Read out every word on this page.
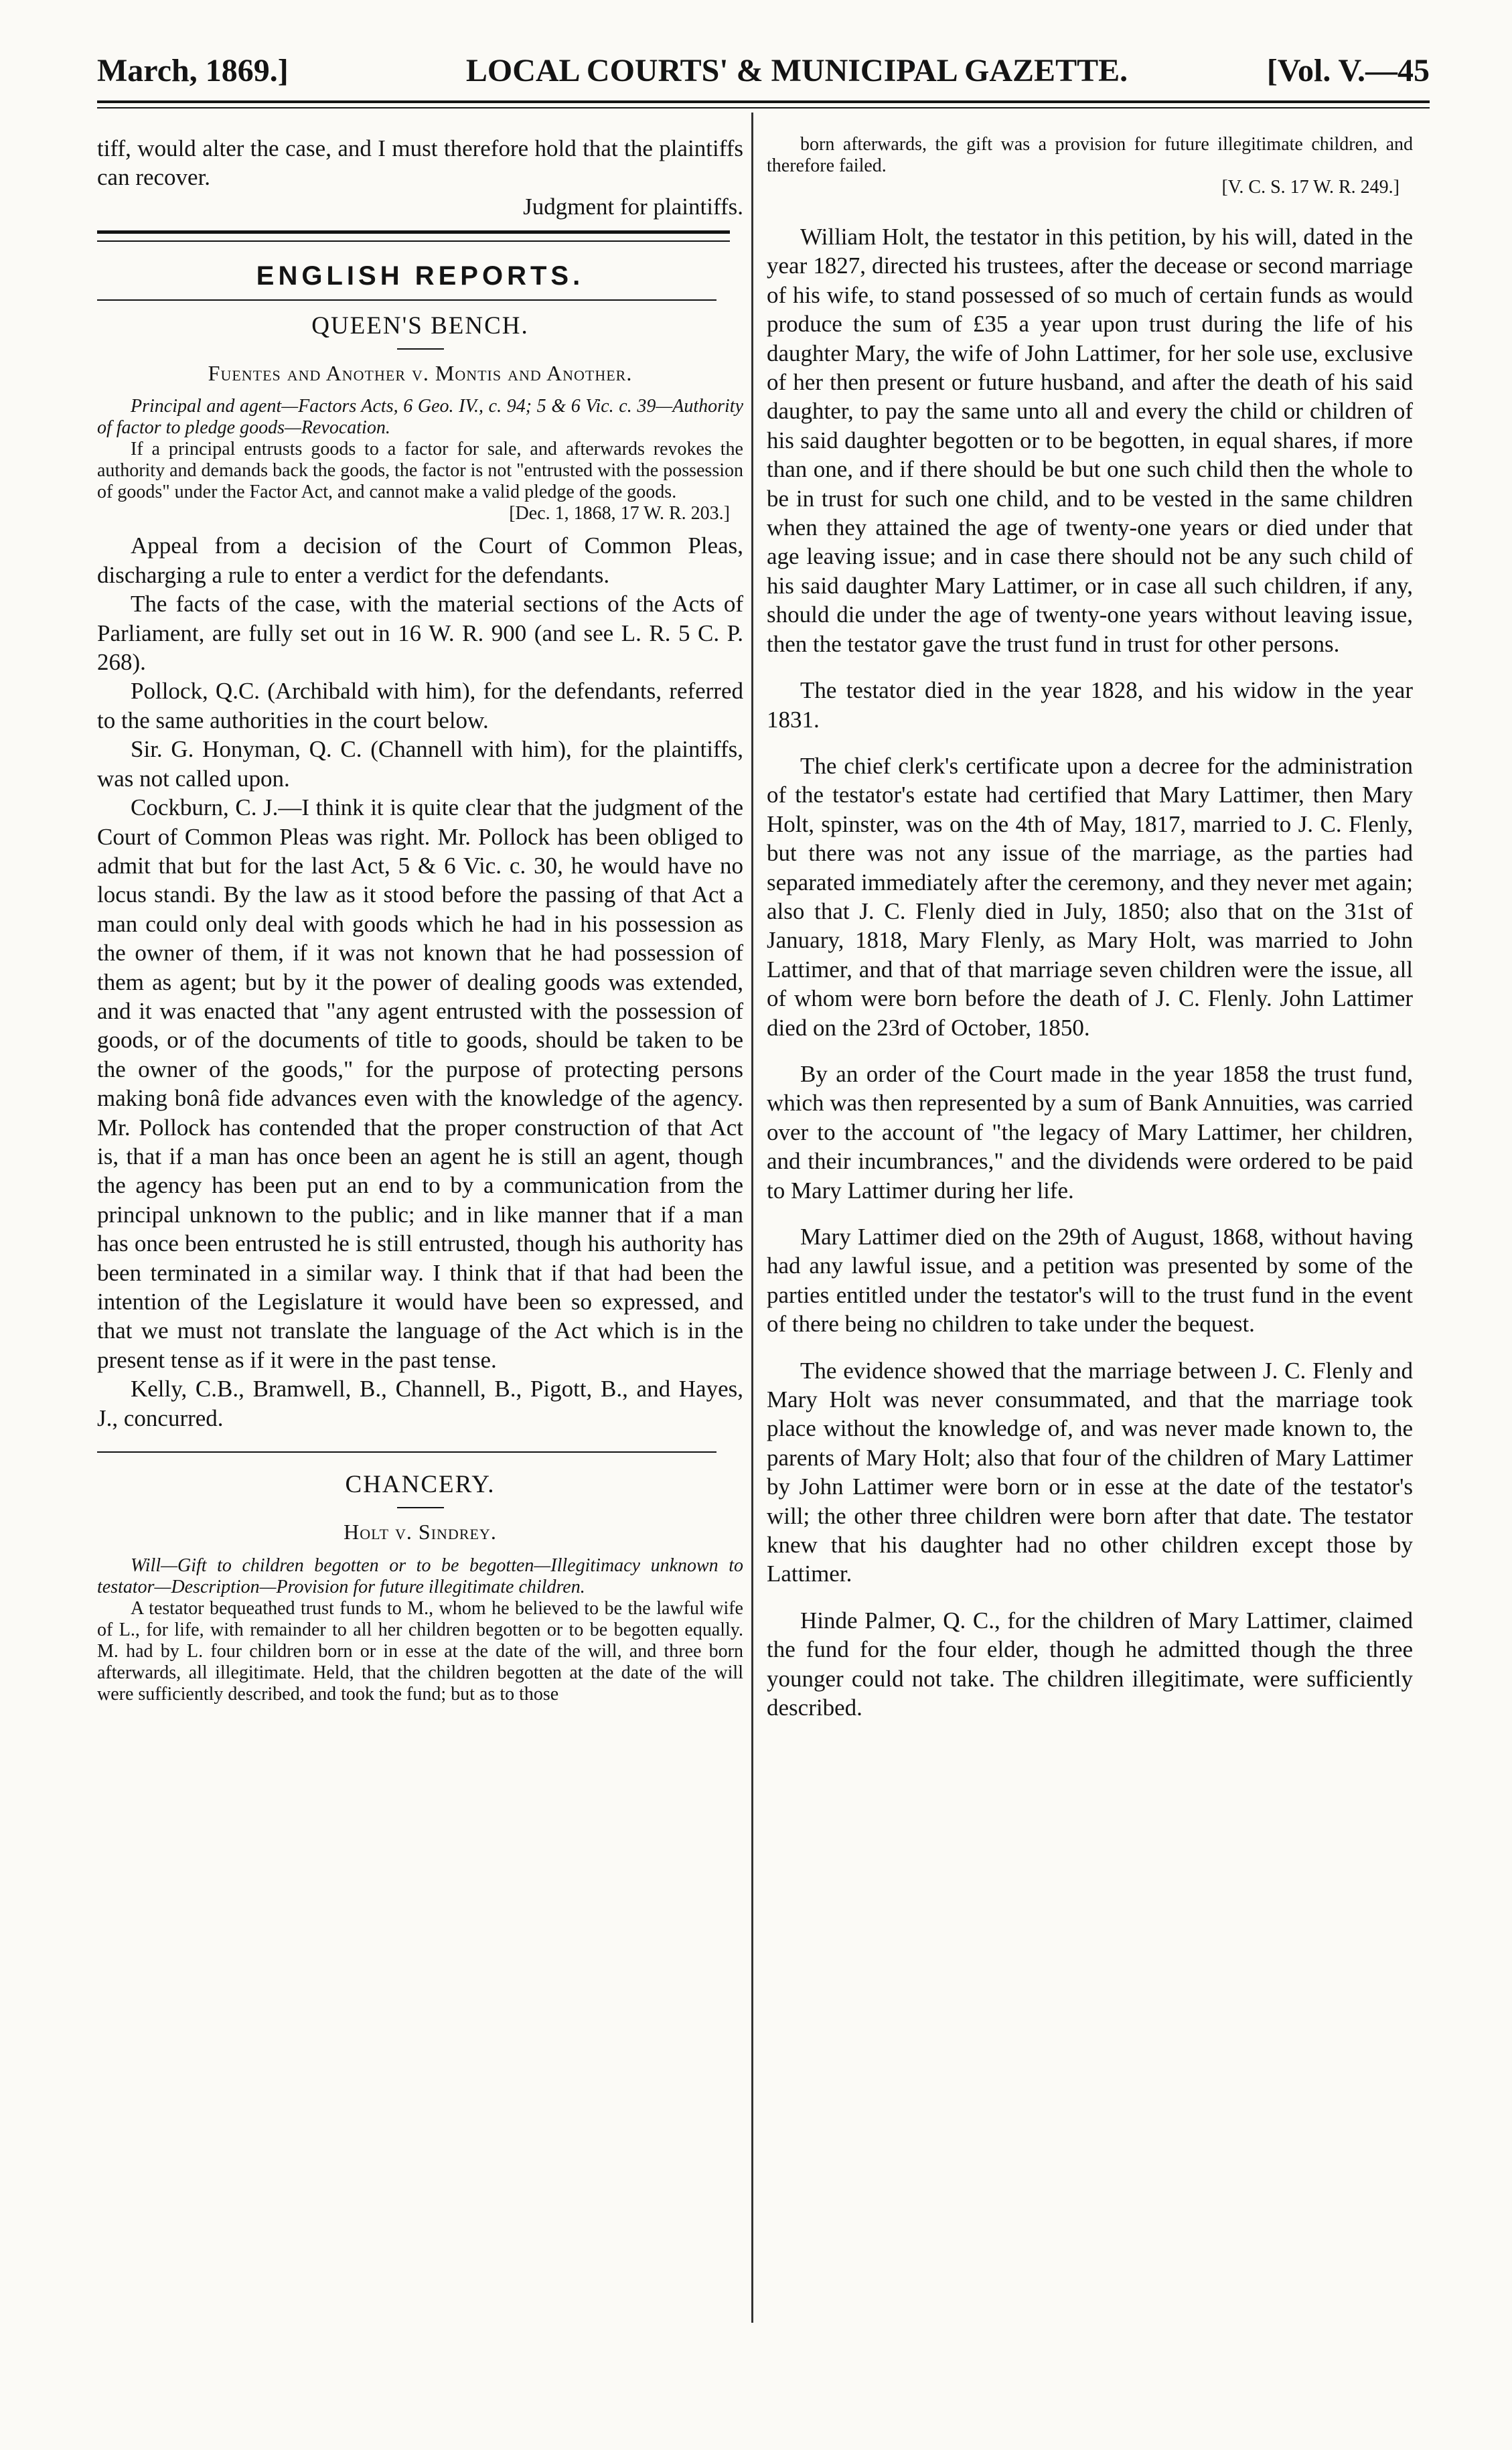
March, 1869.]	LOCAL COURTS' & MUNICIPAL GAZETTE.	[Vol. V.—45

tiff, would alter the case, and I must therefore hold that the plaintiffs can recover.

Judgment for plaintiffs.

ENGLISH REPORTS.
QUEEN'S BENCH.
Fuentes and Another v. Montis and Another.

Principal and agent—Factors Acts, 6 Geo. IV., c. 94; 5 & 6 Vic. c. 39—Authority of factor to pledge goods—Revocation.

If a principal entrusts goods to a factor for sale, and afterwards revokes the authority and demands back the goods, the factor is not "entrusted with the possession of goods" under the Factor Act, and cannot make a valid pledge of the goods.

[Dec. 1, 1868, 17 W. R. 203.]

Appeal from a decision of the Court of Common Pleas, discharging a rule to enter a verdict for the defendants.

The facts of the case, with the material sections of the Acts of Parliament, are fully set out in 16 W. R. 900 (and see L. R. 5 C. P. 268).

Pollock, Q.C. (Archibald with him), for the defendants, referred to the same authorities in the court below.

Sir. G. Honyman, Q. C. (Channell with him), for the plaintiffs, was not called upon.

Cockburn, C. J.—I think it is quite clear that the judgment of the Court of Common Pleas was right. Mr. Pollock has been obliged to admit that but for the last Act, 5 & 6 Vic. c. 30, he would have no locus standi. By the law as it stood before the passing of that Act a man could only deal with goods which he had in his possession as the owner of them, if it was not known that he had possession of them as agent; but by it the power of dealing goods was extended, and it was enacted that "any agent entrusted with the possession of goods, or of the documents of title to goods, should be taken to be the owner of the goods," for the purpose of protecting persons making bonâ fide advances even with the knowledge of the agency. Mr. Pollock has contended that the proper construction of that Act is, that if a man has once been an agent he is still an agent, though the agency has been put an end to by a communication from the principal unknown to the public; and in like manner that if a man has once been entrusted he is still entrusted, though his authority has been terminated in a similar way. I think that if that had been the intention of the Legislature it would have been so expressed, and that we must not translate the language of the Act which is in the present tense as if it were in the past tense.

Kelly, C.B., Bramwell, B., Channell, B., Pigott, B., and Hayes, J., concurred.

CHANCERY.
Holt v. Sindrey.

Will—Gift to children begotten or to be begotten—Illegitimacy unknown to testator—Description—Provision for future illegitimate children.

A testator bequeathed trust funds to M., whom he believed to be the lawful wife of L., for life, with remainder to all her children begotten or to be begotten equally. M. had by L. four children born or in esse at the date of the will, and three born afterwards, all illegitimate. Held, that the children begotten at the date of the will were sufficiently described, and took the fund; but as to those

born afterwards, the gift was a provision for future illegitimate children, and therefore failed.

[V. C. S. 17 W. R. 249.]

William Holt, the testator in this petition, by his will, dated in the year 1827, directed his trustees, after the decease or second marriage of his wife, to stand possessed of so much of certain funds as would produce the sum of £35 a year upon trust during the life of his daughter Mary, the wife of John Lattimer, for her sole use, exclusive of her then present or future husband, and after the death of his said daughter, to pay the same unto all and every the child or children of his said daughter begotten or to be begotten, in equal shares, if more than one, and if there should be but one such child then the whole to be in trust for such one child, and to be vested in the same children when they attained the age of twenty-one years or died under that age leaving issue; and in case there should not be any such child of his said daughter Mary Lattimer, or in case all such children, if any, should die under the age of twenty-one years without leaving issue, then the testator gave the trust fund in trust for other persons.

The testator died in the year 1828, and his widow in the year 1831.

The chief clerk's certificate upon a decree for the administration of the testator's estate had certified that Mary Lattimer, then Mary Holt, spinster, was on the 4th of May, 1817, married to J. C. Flenly, but there was not any issue of the marriage, as the parties had separated immediately after the ceremony, and they never met again; also that J. C. Flenly died in July, 1850; also that on the 31st of January, 1818, Mary Flenly, as Mary Holt, was married to John Lattimer, and that of that marriage seven children were the issue, all of whom were born before the death of J. C. Flenly. John Lattimer died on the 23rd of October, 1850.

By an order of the Court made in the year 1858 the trust fund, which was then represented by a sum of Bank Annuities, was carried over to the account of "the legacy of Mary Lattimer, her children, and their incumbrances," and the dividends were ordered to be paid to Mary Lattimer during her life.

Mary Lattimer died on the 29th of August, 1868, without having had any lawful issue, and a petition was presented by some of the parties entitled under the testator's will to the trust fund in the event of there being no children to take under the bequest.

The evidence showed that the marriage between J. C. Flenly and Mary Holt was never consummated, and that the marriage took place without the knowledge of, and was never made known to, the parents of Mary Holt; also that four of the children of Mary Lattimer by John Lattimer were born or in esse at the date of the testator's will; the other three children were born after that date. The testator knew that his daughter had no other children except those by Lattimer.

Hinde Palmer, Q. C., for the children of Mary Lattimer, claimed the fund for the four elder, though he admitted though the three younger could not take. The children illegitimate, were sufficiently described.
